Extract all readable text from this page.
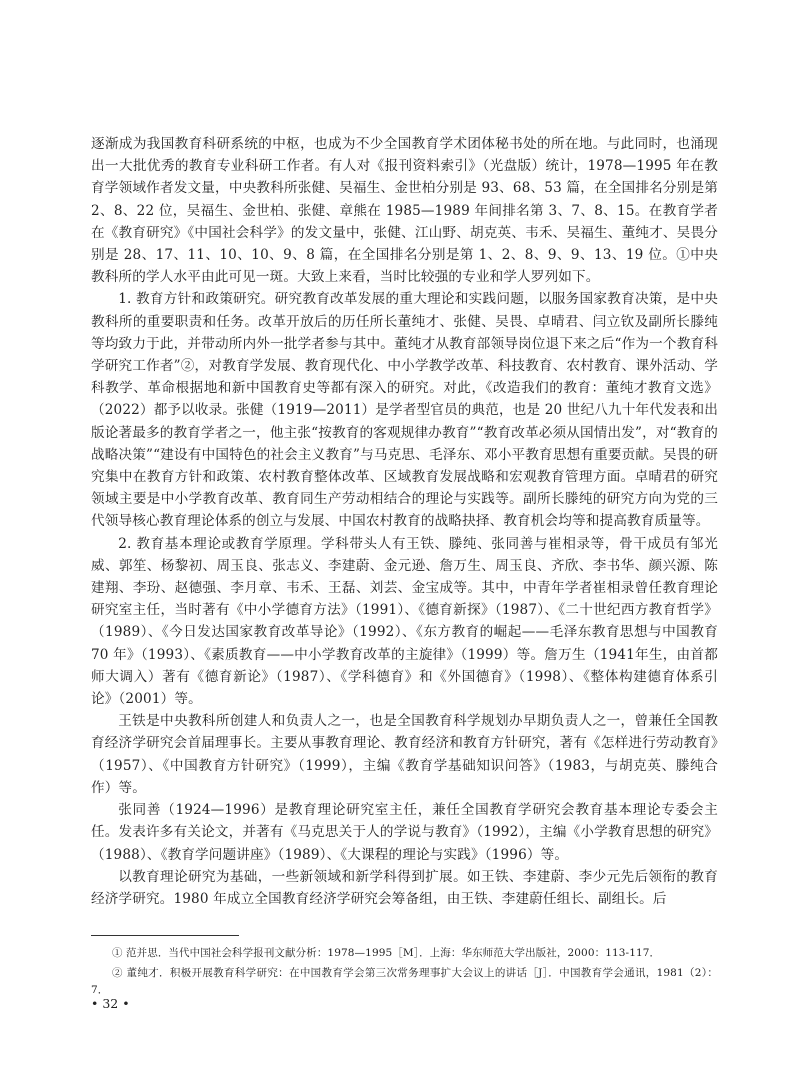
逐渐成为我国教育科研系统的中枢，也成为不少全国教育学术团体秘书处的所在地。与此同时，也涌现出一大批优秀的教育专业科研工作者。有人对《报刊资料索引》（光盘版）统计，1978—1995 年在教育学领域作者发文量，中央教科所张健、吴福生、金世柏分别是 93、68、53 篇，在全国排名分别是第 2、8、22 位，吴福生、金世柏、张健、章熊在 1985—1989 年间排名第 3、7、8、15。在教育学者在《教育研究》《中国社会科学》的发文量中，张健、江山野、胡克英、韦禾、吴福生、董纯才、吴畏分别是 28、17、11、10、10、9、8 篇，在全国排名分别是第 1、2、8、9、9、13、19 位。①中央教科所的学人水平由此可见一斑。大致上来看，当时比较强的专业和学人罗列如下。

1. 教育方针和政策研究。研究教育改革发展的重大理论和实践问题，以服务国家教育决策，是中央教科所的重要职责和任务。改革开放后的历任所长董纯才、张健、吴畏、卓晴君、闫立钦及副所长滕纯等均致力于此，并带动所内外一批学者参与其中。董纯才从教育部领导岗位退下来之后“作为一个教育科学研究工作者”②，对教育学发展、教育现代化、中小学教学改革、科技教育、农村教育、课外活动、学科教学、革命根据地和新中国教育史等都有深入的研究。对此，《改造我们的教育：董纯才教育文选》（2022）都予以收录。张健（1919—2011）是学者型官员的典范，也是 20 世纪八九十年代发表和出版论著最多的教育学者之一，他主张“按教育的客观规律办教育”“教育改革必须从国情出发”，对“教育的战略决策”“建设有中国特色的社会主义教育”与马克思、毛泽东、邓小平教育思想有重要贡献。吴畏的研究集中在教育方针和政策、农村教育整体改革、区域教育发展战略和宏观教育管理方面。卓晴君的研究领域主要是中小学教育改革、教育同生产劳动相结合的理论与实践等。副所长滕纯的研究方向为党的三代领导核心教育理论体系的创立与发展、中国农村教育的战略抉择、教育机会均等和提高教育质量等。

2. 教育基本理论或教育学原理。学科带头人有王铁、滕纯、张同善与崔相录等，骨干成员有邹光威、郭笙、杨黎初、周玉良、张志义、李建蔚、金元逊、詹万生、周玉良、齐欣、李书华、颜兴源、陈建翔、李玢、赵德强、李月章、韦禾、王磊、刘芸、金宝成等。其中，中青年学者崔相录曾任教育理论研究室主任，当时著有《中小学德育方法》（1991）、《德育新探》（1987）、《二十世纪西方教育哲学》（1989）、《今日发达国家教育改革导论》（1992）、《东方教育的崛起——毛泽东教育思想与中国教育 70 年》（1993）、《素质教育——中小学教育改革的主旋律》（1999）等。詹万生（1941年生，由首都师大调入）著有《德育新论》（1987）、《学科德育》和《外国德育》（1998）、《整体构建德育体系引论》（2001）等。

王铁是中央教科所创建人和负责人之一，也是全国教育科学规划办早期负责人之一，曾兼任全国教育经济学研究会首届理事长。主要从事教育理论、教育经济和教育方针研究，著有《怎样进行劳动教育》（1957）、《中国教育方针研究》（1999），主编《教育学基础知识问答》（1983，与胡克英、滕纯合作）等。

张同善（1924—1996）是教育理论研究室主任，兼任全国教育学研究会教育基本理论专委会主任。发表许多有关论文，并著有《马克思关于人的学说与教育》（1992），主编《小学教育思想的研究》（1988）、《教育学问题讲座》（1989）、《大课程的理论与实践》（1996）等。

以教育理论研究为基础，一些新领域和新学科得到扩展。如王铁、李建蔚、李少元先后领衔的教育经济学研究。1980 年成立全国教育经济学研究会筹备组，由王铁、李建蔚任组长、副组长。后

① 范并思．当代中国社会科学报刊文献分析：1978—1995［M］．上海：华东师范大学出版社，2000：113-117．

② 董纯才．积极开展教育科学研究：在中国教育学会第三次常务理事扩大会议上的讲话［J］．中国教育学会通讯，1981（2）：7．

• 32 •
